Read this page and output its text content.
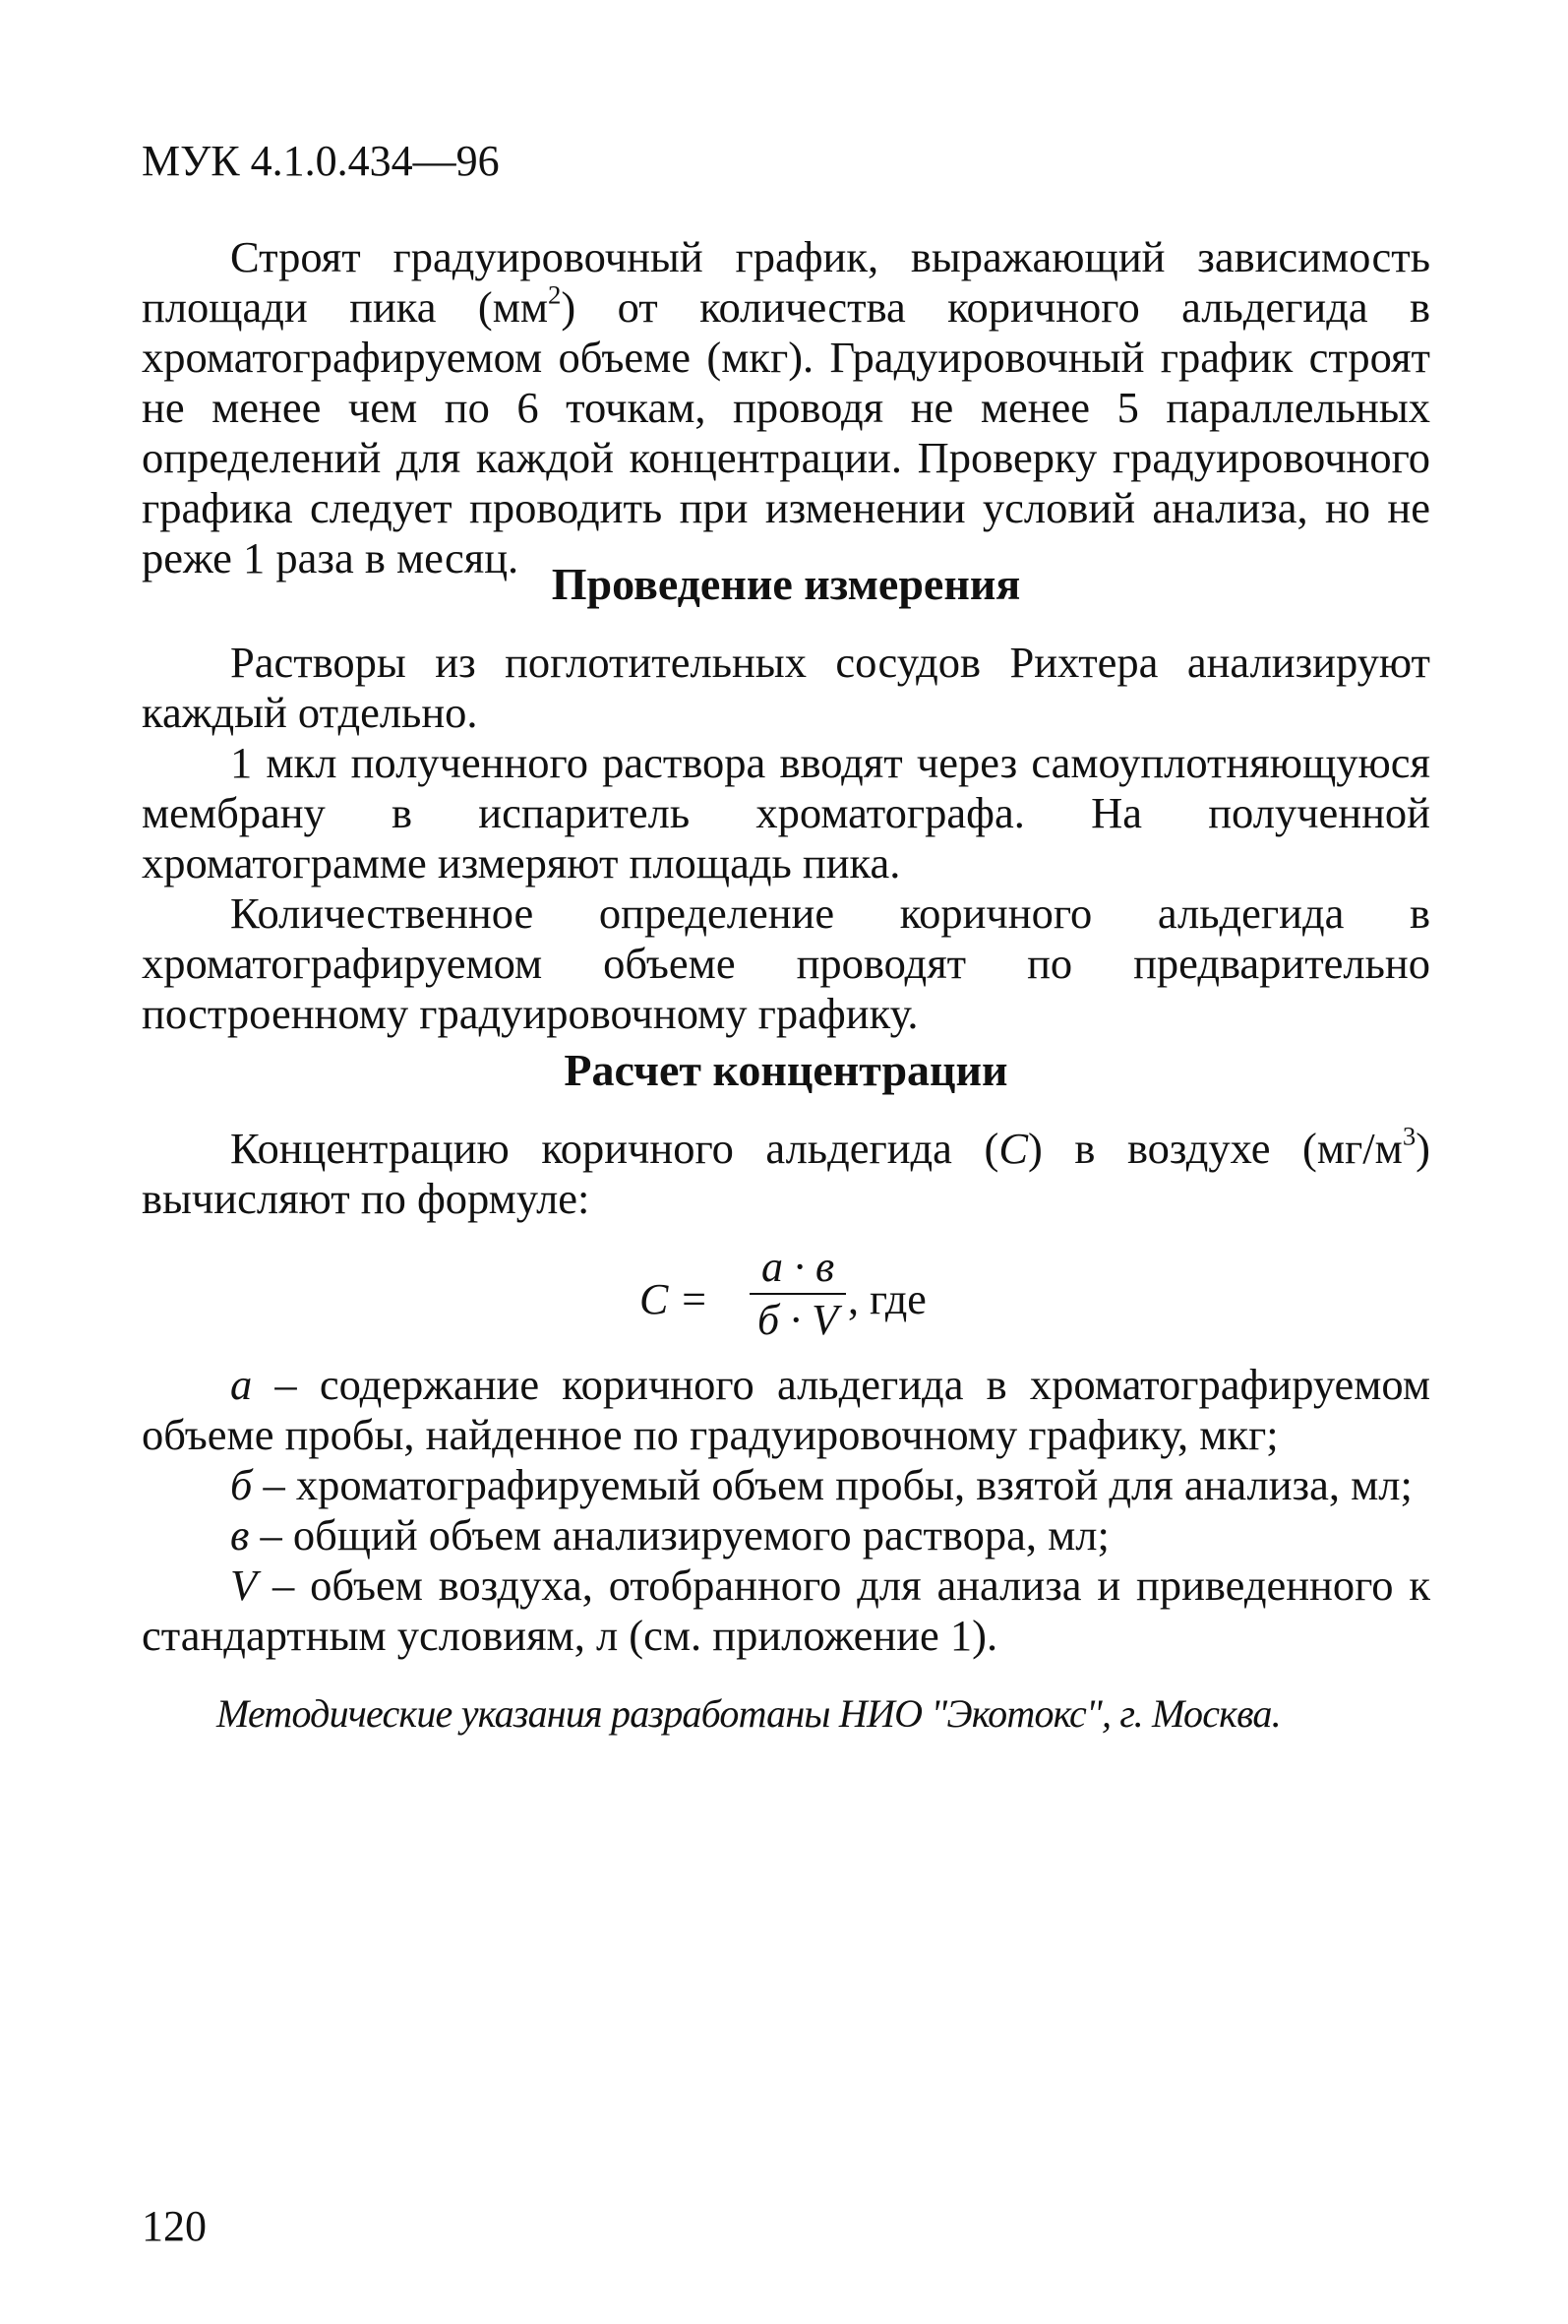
МУК 4.1.0.434—96

Строят градуировочный график, выражающий зависимость площади пика $(мм^2)$ от количества коричного альдегида в хроматографируемом объеме (мкг). Градуировочный график строят не менее чем по 6 точкам, проводя не менее 5 параллельных определений для каждой концентрации. Проверку градуировочного графика следует проводить при изменении условий анализа, но не реже 1 раза в месяц.

Проведение измерения

Растворы из поглотительных сосудов Рихтера анализируют каждый отдельно.

1 мкл полученного раствора вводят через самоуплотняющуюся мембрану в испаритель хроматографа. На полученной хроматограмме измеряют площадь пика.

Количественное определение коричного альдегида в хроматографируемом объеме проводят по предварительно построенному градуировочному графику.

Расчет концентрации

Концентрацию коричного альдегида (С) в воздухе $(мг/м^3)$ вычисляют по формуле:

С =
а · в
б · V , где

а – содержание коричного альдегида в хроматографируемом объеме пробы, найденное по градуировочному графику, мкг;

б – хроматографируемый объем пробы, взятой для анализа, мл;

в – общий объем анализируемого раствора, мл;

V – объем воздуха, отобранного для анализа и приведенного к стандартным условиям, л (см. приложение 1).

Методические указания разработаны НИО "Экотокс", г. Москва.
120
